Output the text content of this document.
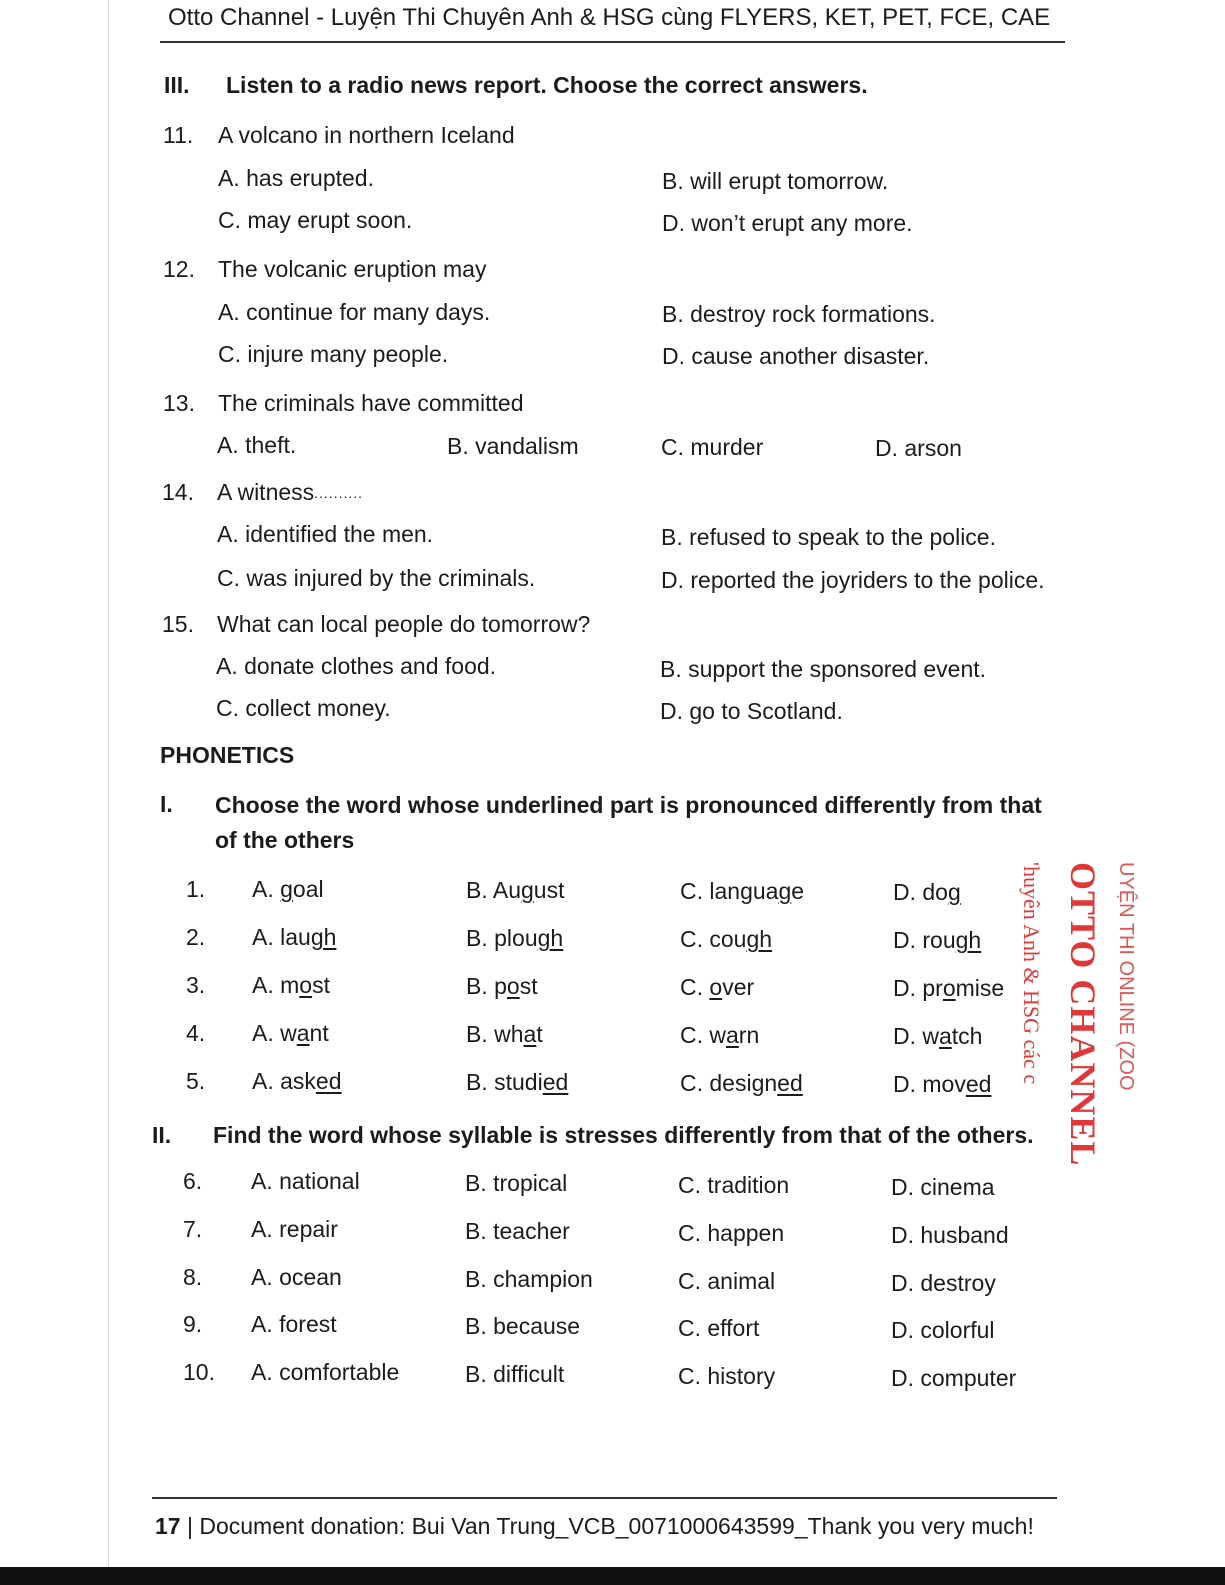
Otto Channel - Luyện Thi Chuyên Anh & HSG cùng FLYERS, KET, PET, FCE, CAE
III. Listen to a radio news report. Choose the correct answers.
11. A volcano in northern Iceland
A. has erupted.	B. will erupt tomorrow.
C. may erupt soon.	D. won’t erupt any more.
12. The volcanic eruption may
A. continue for many days.	B. destroy rock formations.
C. injure many people.	D. cause another disaster.
13. The criminals have committed
A. theft.	B. vandalism	C. murder	D. arson
14. A witness..........
A. identified the men.	B. refused to speak to the police.
C. was injured by the criminals.	D. reported the joyriders to the police.
15. What can local people do tomorrow?
A. donate clothes and food.	B. support the sponsored event.
C. collect money.	D. go to Scotland.
PHONETICS
I. Choose the word whose underlined part is pronounced differently from that
of the others
1. A. goal	B. August	C. language	D. dog
2. A. laugh	B. plough	C. cough	D. rough
3. A. most	B. post	C. over	D. promise
4. A. want	B. what	C. warn	D. watch
5. A. asked	B. studied	C. designed	D. moved
II. Find the word whose syllable is stresses differently from that of the others.
6. A. national	B. tropical	C. tradition	D. cinema
7. A. repair	B. teacher	C. happen	D. husband
8. A. ocean	B. champion	C. animal	D. destroy
9. A. forest	B. because	C. effort	D. colorful
10. A. comfortable	B. difficult	C. history	D. computer
'huyên Anh & HSG các c OTTO CHANNEL UYỆN THI ONLINE (ZOO
17 | Document donation: Bui Van Trung_VCB_0071000643599_Thank you very much!
